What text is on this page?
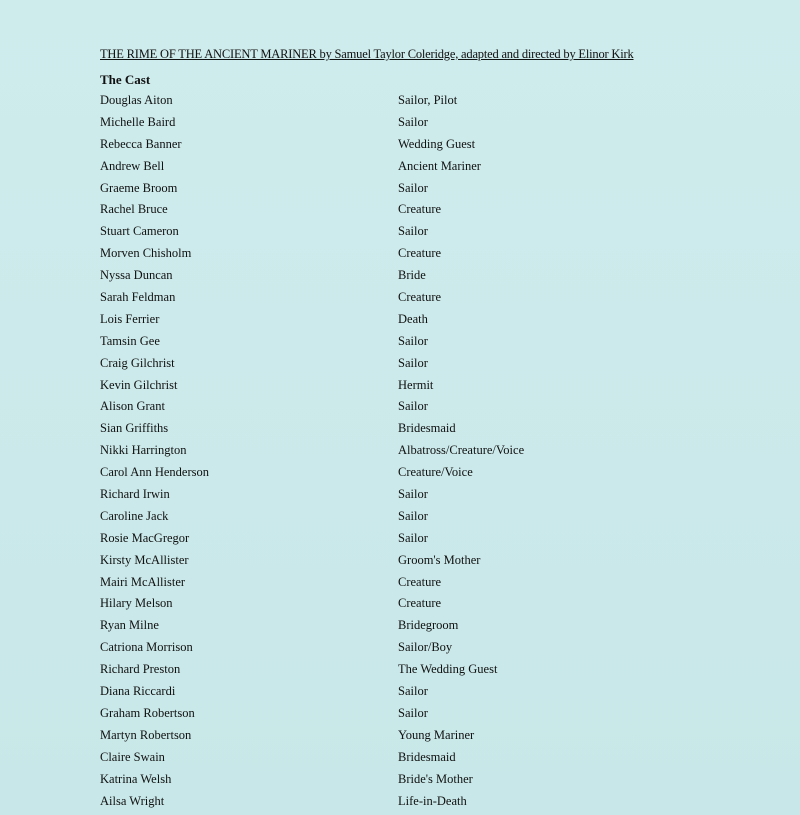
THE RIME OF THE ANCIENT MARINER by Samuel Taylor Coleridge, adapted and directed by Elinor Kirk
The Cast
Douglas Aiton	Sailor, Pilot
Michelle Baird	Sailor
Rebecca Banner	Wedding Guest
Andrew Bell	Ancient Mariner
Graeme Broom	Sailor
Rachel Bruce	Creature
Stuart Cameron	Sailor
Morven Chisholm	Creature
Nyssa Duncan	Bride
Sarah Feldman	Creature
Lois Ferrier	Death
Tamsin Gee	Sailor
Craig Gilchrist	Sailor
Kevin Gilchrist	Hermit
Alison Grant	Sailor
Sian Griffiths	Bridesmaid
Nikki Harrington	Albatross/Creature/Voice
Carol Ann Henderson	Creature/Voice
Richard Irwin	Sailor
Caroline Jack	Sailor
Rosie MacGregor	Sailor
Kirsty McAllister	Groom's Mother
Mairi McAllister	Creature
Hilary Melson	Creature
Ryan Milne	Bridegroom
Catriona Morrison	Sailor/Boy
Richard Preston	The Wedding Guest
Diana Riccardi	Sailor
Graham Robertson	Sailor
Martyn Robertson	Young Mariner
Claire Swain	Bridesmaid
Katrina Welsh	Bride's Mother
Ailsa Wright	Life-in-Death
